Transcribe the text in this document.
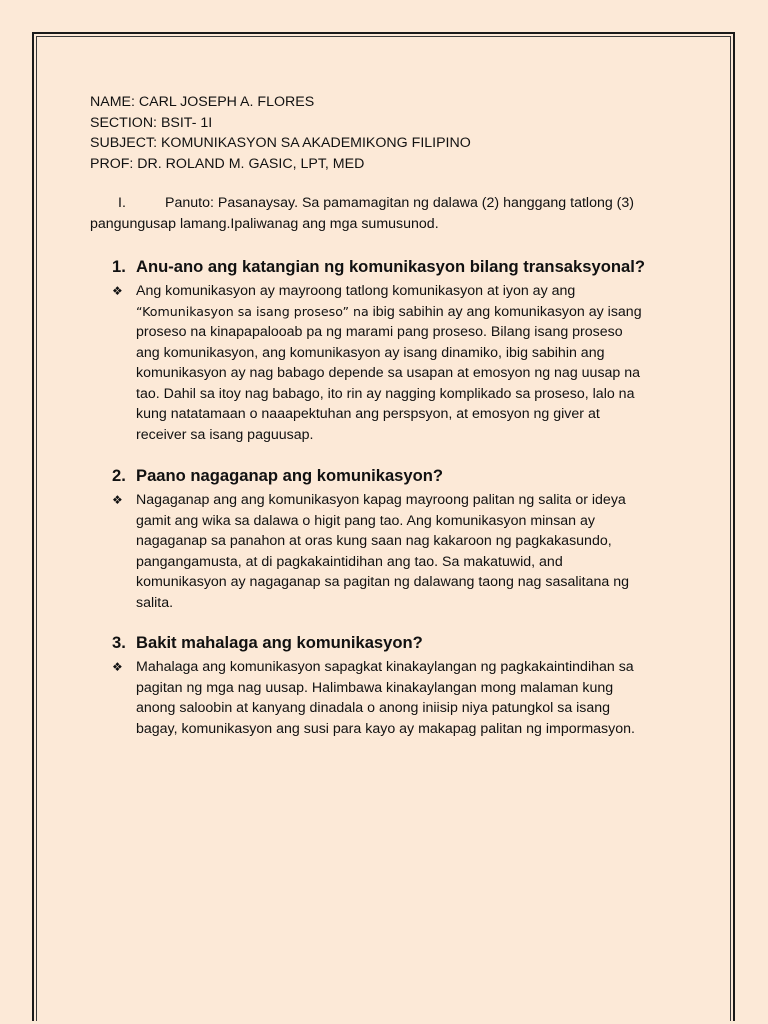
NAME: CARL JOSEPH A. FLORES
SECTION: BSIT- 1I
SUBJECT: KOMUNIKASYON SA AKADEMIKONG FILIPINO
PROF: DR. ROLAND M. GASIC, LPT, MED
I.	Panuto: Pasanaysay. Sa pamamagitan ng dalawa (2) hanggang tatlong (3)
pangungusap lamang.Ipaliwanag ang mga sumusunod.
1. Anu-ano ang katangian ng komunikasyon bilang transaksyonal?
❖ Ang komunikasyon ay mayroong tatlong komunikasyon at iyon ay ang
“Komunikasyon sa isang proseso” na ibig sabihin ay ang komunikasyon ay isang
proseso na kinapapalooab pa ng marami pang proseso. Bilang isang proseso
ang komunikasyon, ang komunikasyon ay isang dinamiko, ibig sabihin ang
komunikasyon ay nag babago depende sa usapan at emosyon ng nag uusap na
tao. Dahil sa itoy nag babago, ito rin ay nagging komplikado sa proseso, lalo na
kung natatamaan o naaapektuhan ang perspsyon, at emosyon ng giver at
receiver sa isang paguusap.
2. Paano nagaganap ang komunikasyon?
❖ Nagaganap ang ang komunikasyon kapag mayroong palitan ng salita or ideya
gamit ang wika sa dalawa o higit pang tao. Ang komunikasyon minsan ay
nagaganap sa panahon at oras kung saan nag kakaroon ng pagkakasundo,
pangangamusta, at di pagkakaintidihan ang tao. Sa makatuwid, and
komunikasyon ay nagaganap sa pagitan ng dalawang taong nag sasalitana ng
salita.
3. Bakit mahalaga ang komunikasyon?
❖ Mahalaga ang komunikasyon sapagkat kinakaylangan ng pagkakaintindihan sa
pagitan ng mga nag uusap. Halimbawa kinakaylangan mong malaman kung
anong saloobin at kanyang dinadala o anong iniisip niya patungkol sa isang
bagay, komunikasyon ang susi para kayo ay makapag palitan ng impormasyon.
